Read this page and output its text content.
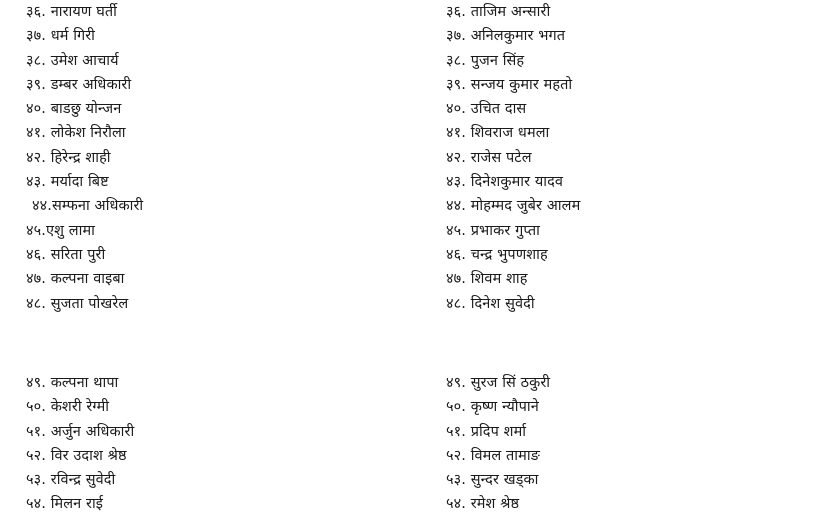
३६. नारायण घर्ती
३७. धर्म गिरी
३८. उमेश आचार्य
३९. डम्बर अधिकारी
४०. बाडछु योन्जन
४१. लोकेश निरौला
४२. हिरेन्द्र शाही
४३. मर्यादा बिष्ट
४४.सम्फना अधिकारी
४५.एशु लामा
४६. सरिता पुरी
४७. कल्पना वाइबा
४८. सुजता पोखरेल
३६. ताजिम अन्सारी
३७. अनिलकुमार भगत
३८. पुजन सिंह
३९. सन्जय कुमार महतो
४०. उचित दास
४१. शिवराज धमला
४२. राजेस पटेल
४३. दिनेशकुमार यादव
४४. मोहम्मद जुबेर आलम
४५. प्रभाकर गुप्ता
४६. चन्द्र भुपणशाह
४७. शिवम शाह
४८. दिनेश सुवेदी
४९. कल्पना थापा
५०. केशरी रेग्मी
५१. अर्जुन अधिकारी
५२. विर उदाश श्रेष्ठ
५३. रविन्द्र सुवेदी
५४. मिलन राई
४९. सुरज सिं ठकुरी
५०. कृष्ण न्यौपाने
५१. प्रदिप शर्मा
५२. विमल तामाङ
५३. सुन्दर खड्का
५४. रमेश श्रेष्ठ
